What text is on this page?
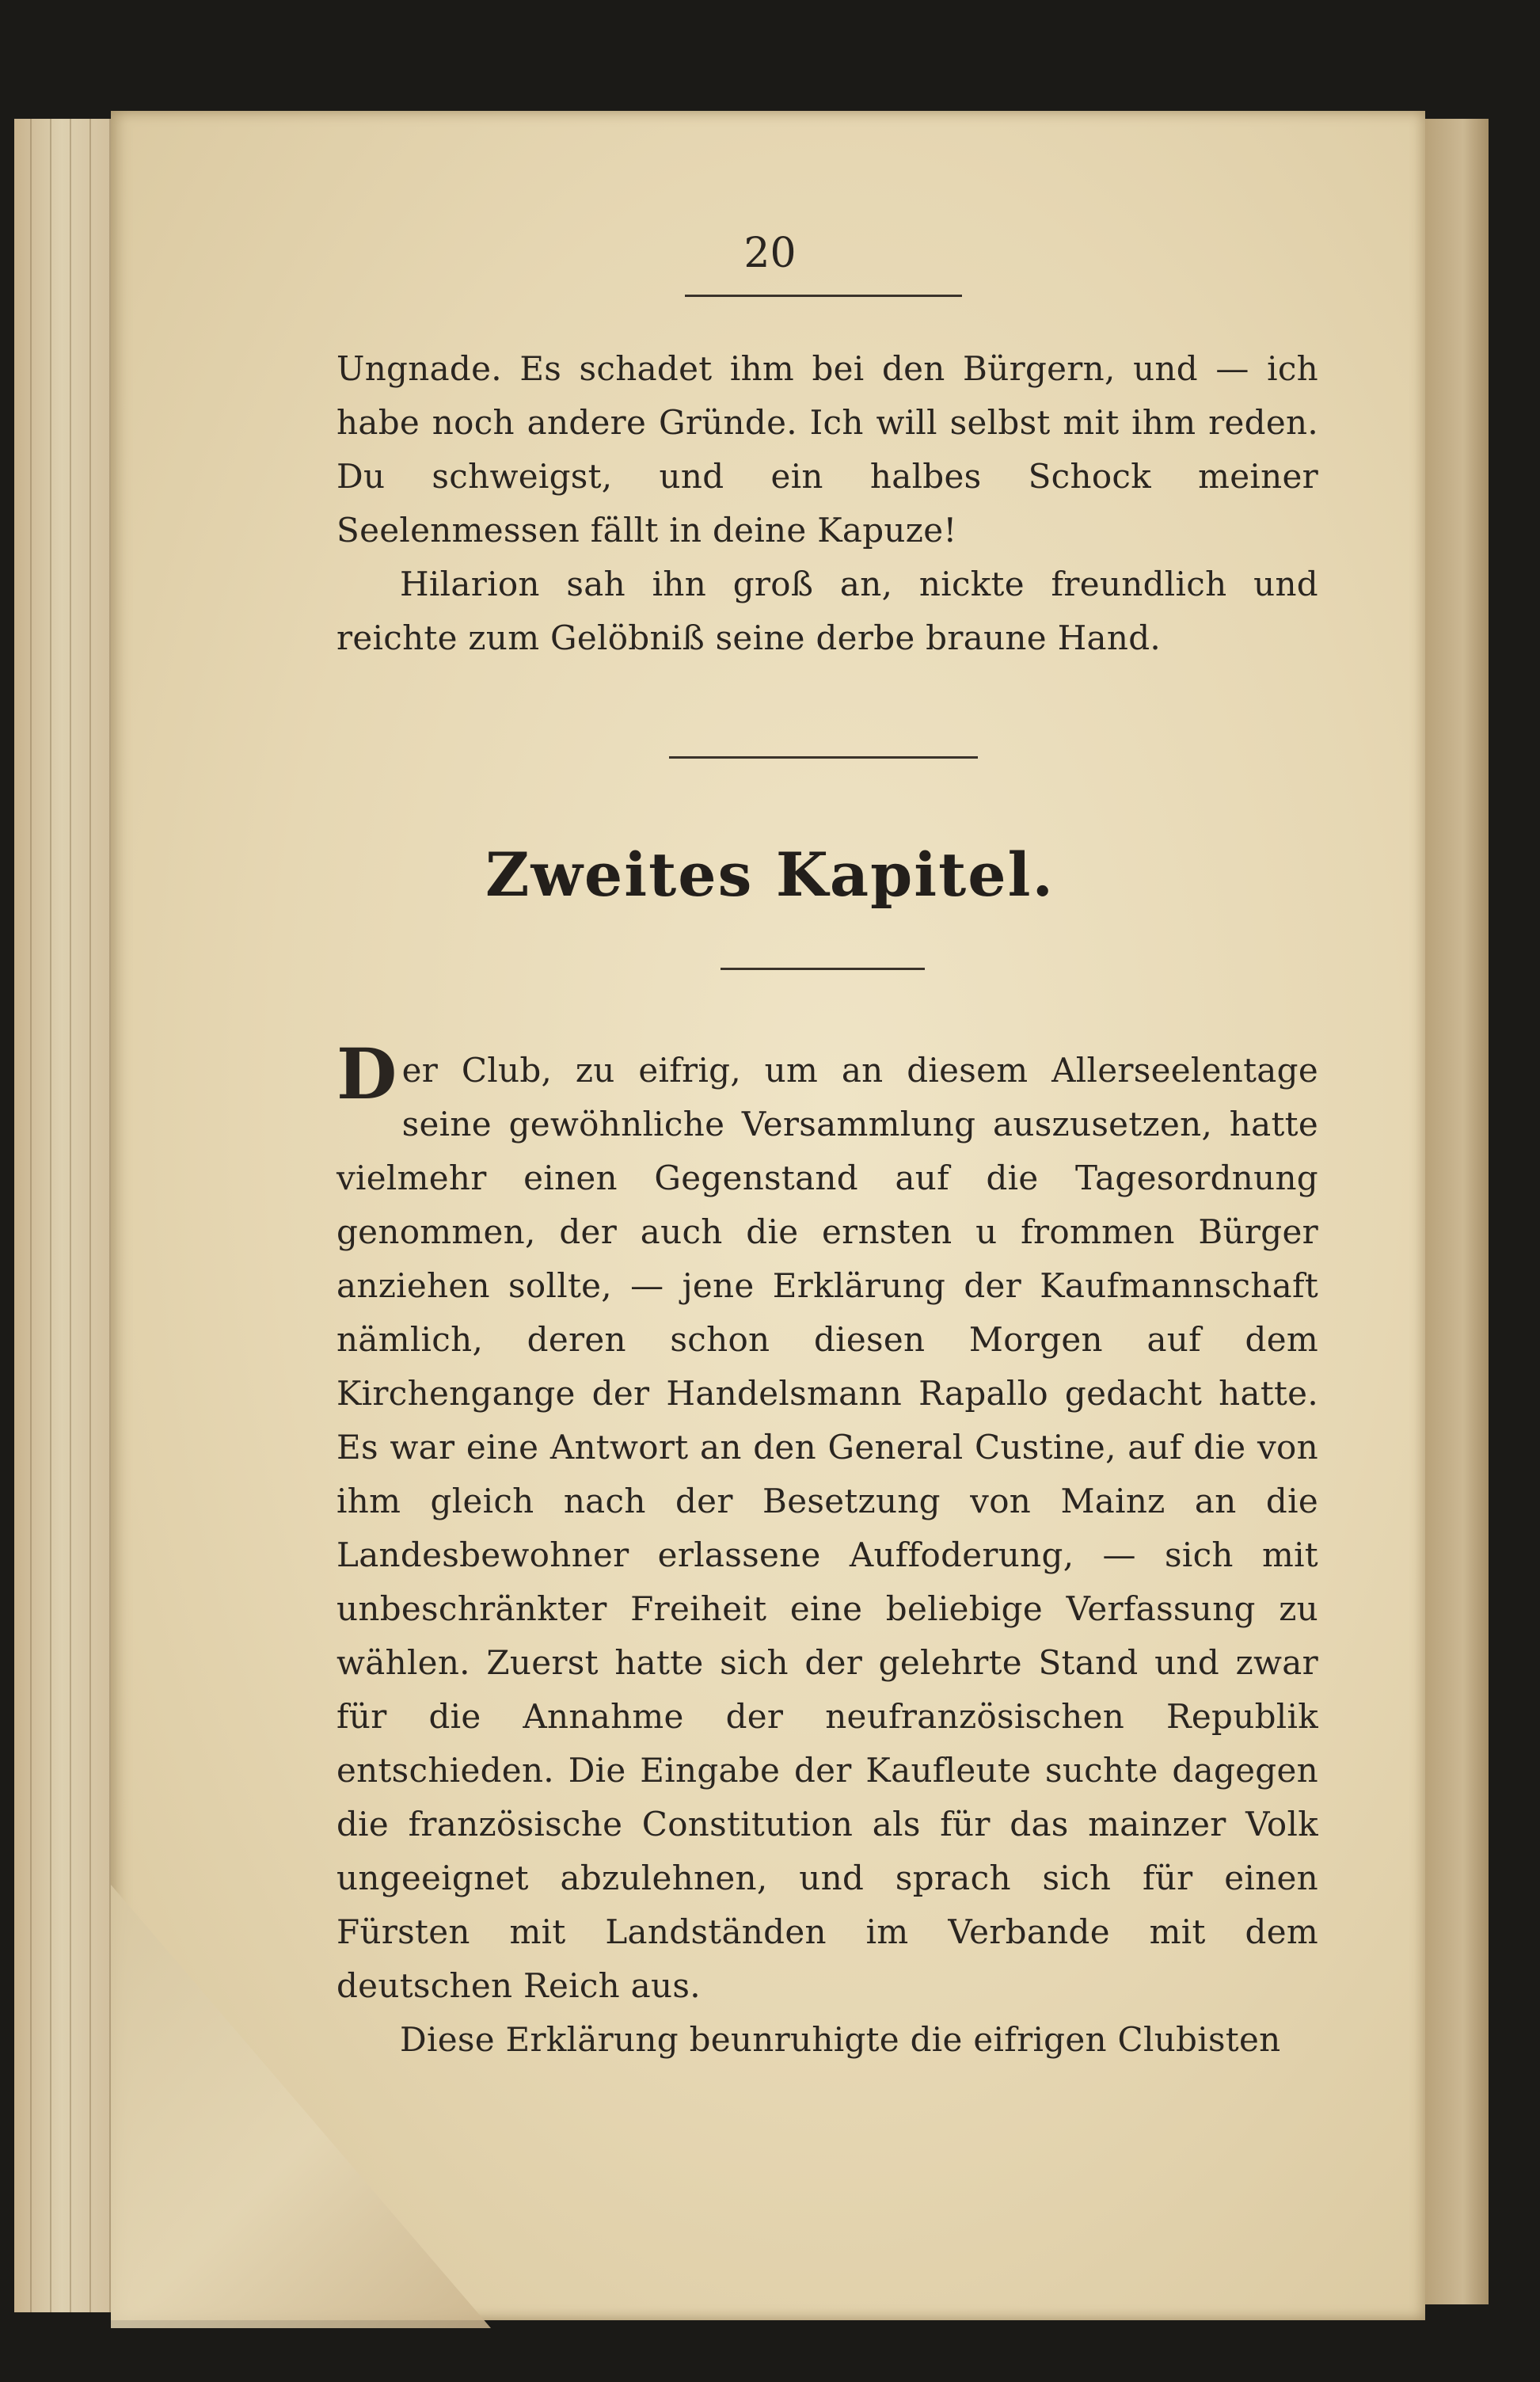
20

Ungnade. Es schadet ihm bei den Bürgern, und — ich habe noch andere Gründe. Ich will selbst mit ihm reden. Du schweigst, und ein halbes Schock meiner Seelenmessen fällt in deine Kapuze!

Hilarion sah ihn groß an, nickte freundlich und reichte zum Gelöbniß seine derbe braune Hand.

Zweites Kapitel.

Der Club, zu eifrig, um an diesem Allerseelentage seine gewöhnliche Versammlung auszusetzen, hatte vielmehr einen Gegenstand auf die Tagesordnung genommen, der auch die ernsten u frommen Bürger anziehen sollte, — jene Erklärung der Kaufmannschaft nämlich, deren schon diesen Morgen auf dem Kirchengange der Handelsmann Rapallo gedacht hatte. Es war eine Antwort an den General Custine, auf die von ihm gleich nach der Besetzung von Mainz an die Landesbewohner erlassene Auffoderung, — sich mit unbeschränkter Freiheit eine beliebige Verfassung zu wählen. Zuerst hatte sich der gelehrte Stand und zwar für die Annahme der neufranzösischen Republik entschieden. Die Eingabe der Kaufleute suchte dagegen die französische Constitution als für das mainzer Volk ungeeignet abzulehnen, und sprach sich für einen Fürsten mit Landständen im Verbande mit dem deutschen Reich aus.

Diese Erklärung beunruhigte die eifrigen Clubisten
